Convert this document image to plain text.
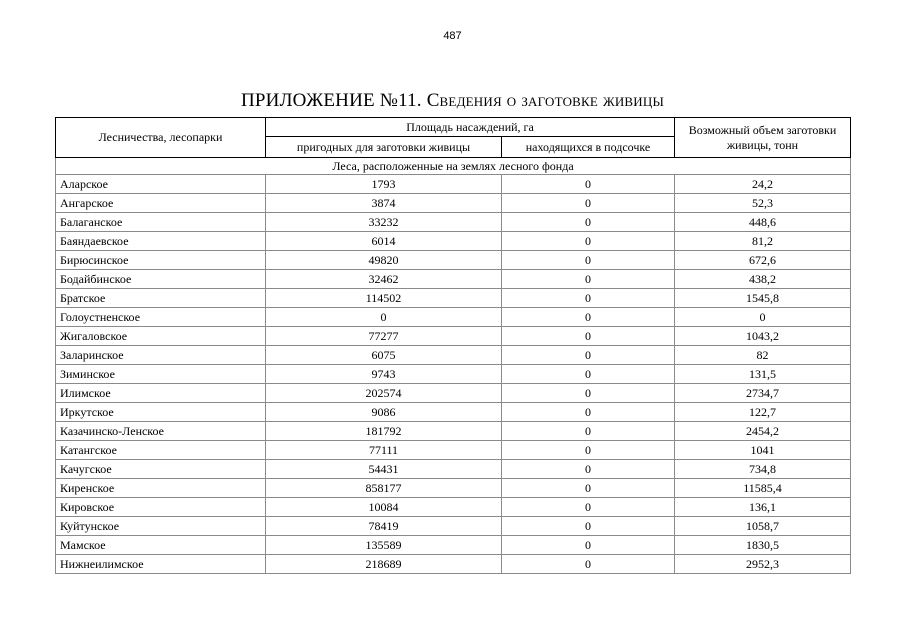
487
ПРИЛОЖЕНИЕ №11. Сведения о заготовке живицы
Лесничества, лесопарки	Площадь насаждений, га		Возможный объем заготовки живицы, тонн
	пригодных для заготовки живицы	находящихся в подсочке	
Леса, расположенные на землях лесного фонда			
Аларское	1793	0	24,2
Ангарское	3874	0	52,3
Балаганское	33232	0	448,6
Баяндаевское	6014	0	81,2
Бирюсинское	49820	0	672,6
Бодайбинское	32462	0	438,2
Братское	114502	0	1545,8
Голоустненское	0	0	0
Жигаловское	77277	0	1043,2
Заларинское	6075	0	82
Зиминское	9743	0	131,5
Илимское	202574	0	2734,7
Иркутское	9086	0	122,7
Казачинско-Ленское	181792	0	2454,2
Катангское	77111	0	1041
Качугское	54431	0	734,8
Киренское	858177	0	11585,4
Кировское	10084	0	136,1
Куйтунское	78419	0	1058,7
Мамское	135589	0	1830,5
Нижнеилимское	218689	0	2952,3
